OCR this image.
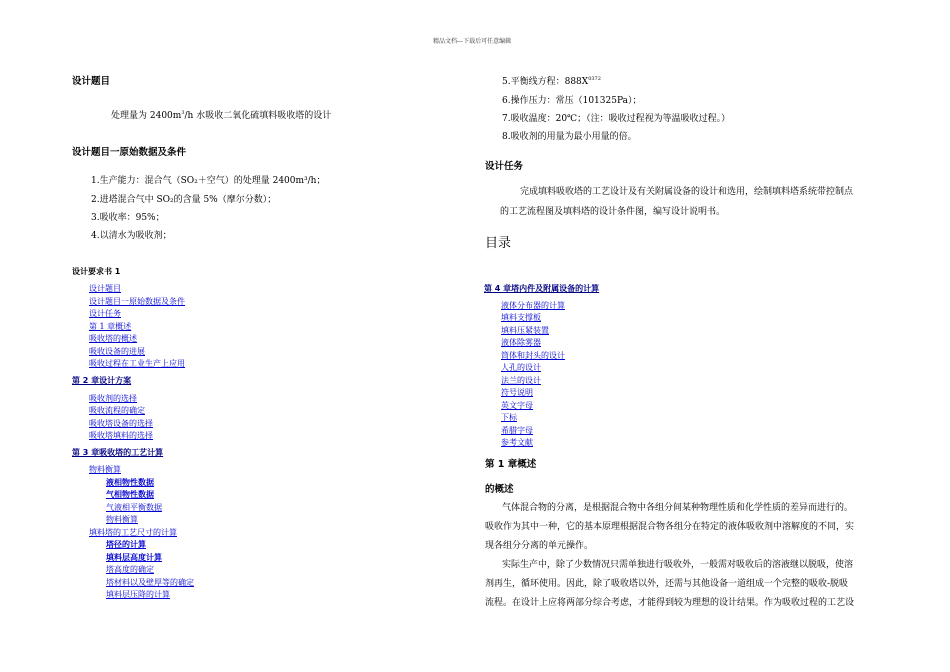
精品文档---下载后可任意编辑
设计题目
处理量为 $2400m^3/h$ 水吸收二氧化硫填料吸收塔的设计
设计题目一原始数据及条件
1.生产能力：混合气（SO₂＋空气）的处理量 2400m³/h；
2.进塔混合气中 SO₂的含量 5%（摩尔分数）；
3.吸收率：95%；
4.以清水为吸收剂；
设计要求书 1
设计题目
设计题目一原始数据及条件
设计任务
第 1 章概述
吸收塔的概述
吸收设备的进展
吸收过程在工业生产上应用
第 2 章设计方案
吸收剂的选择
吸收流程的确定
吸收塔设备的选择
吸收塔填料的选择
第 3 章吸收塔的工艺计算
物料衡算
液相物性数据
气相物性数据
气液相平衡数据
物料衡算
填料塔的工艺尺寸的计算
塔径的计算
填料层高度计算
塔高度的确定
塔材料以及壁厚等的确定
填料层压降的计算
5.平衡线方程：$888X^{0372}$
6.操作压力：常压（101325Pa）；
7.吸收温度：20℃；（注：吸收过程视为等温吸收过程。）
8.吸收剂的用量为最小用量的倍。
设计任务
完成填料吸收塔的工艺设计及有关附属设备的设计和选用，绘制填料塔系统带控制点
的工艺流程图及填料塔的设计条件图，编写设计说明书。
目录
第 4 章塔内件及附属设备的计算
液体分布器的计算
填料支撑板
填料压紧装置
液体除雾器
筒体和封头的设计
人孔的设计
法兰的设计
符号说明
英文字母
下标
希腊字母
参考文献
第 1 章概述
的概述
气体混合物的分离，是根据混合物中各组分间某种物理性质和化学性质的差异而进行的。
吸收作为其中一种，它的基本原理根据混合物各组分在特定的液体吸收剂中溶解度的不同，实
现各组分分离的单元操作。
实际生产中，除了少数情况只需单独进行吸收外，一般需对吸收后的溶液继以脱吸，使溶
剂再生，循环使用。因此，除了吸收塔以外，还需与其他设备一道组成一个完整的吸收-脱吸
流程。在设计上应将两部分综合考虑，才能得到较为理想的设计结果。作为吸收过程的工艺设
